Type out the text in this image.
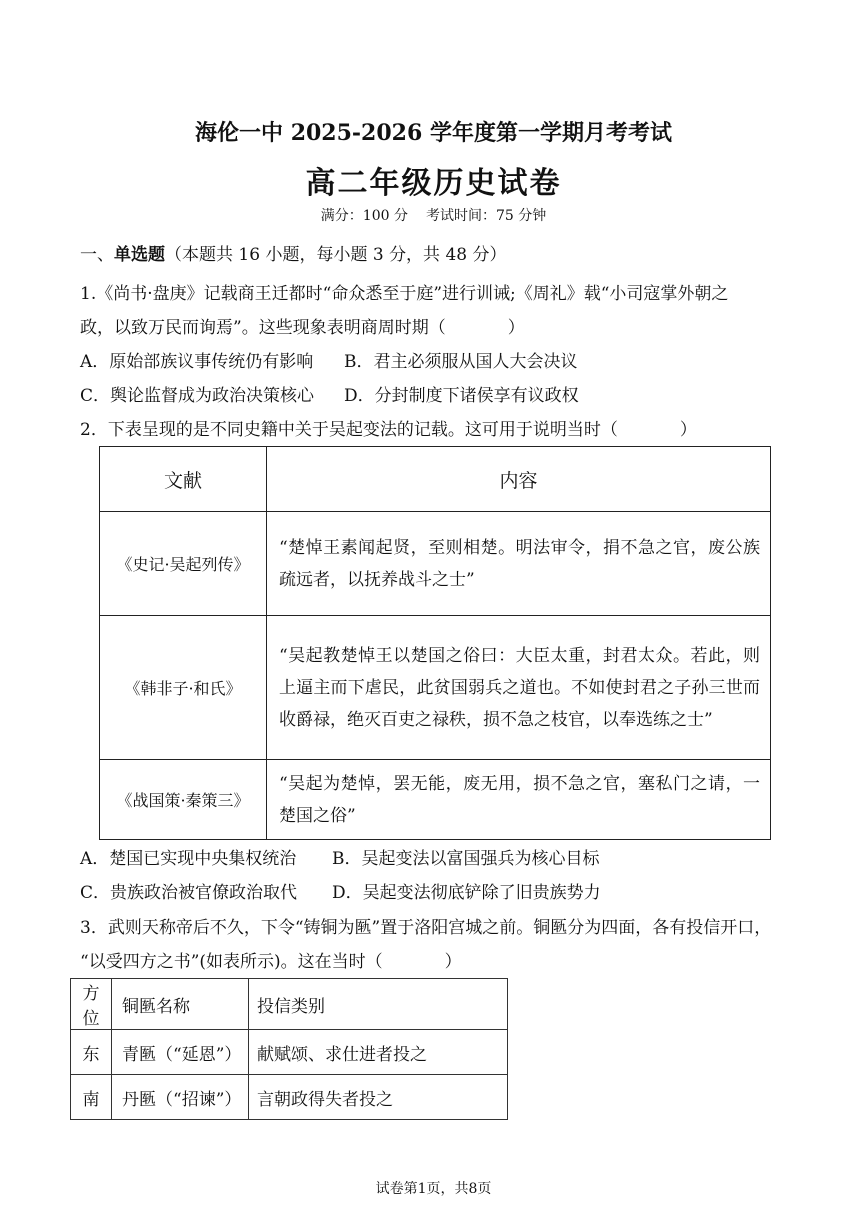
海伦一中 2025-2026 学年度第一学期月考考试
高二年级历史试卷
满分：100 分 考试时间：75 分钟
一、单选题（本题共 16 小题，每小题 3 分，共 48 分）
1.《尚书·盘庚》记载商王迁都时“命众悉至于庭”进行训诫;《周礼》载“小司寇掌外朝之
政，以致万民而询焉”。这些现象表明商周时期（	）
A．原始部族议事传统仍有影响 B．君主必须服从国人大会决议
C．舆论监督成为政治决策核心 D．分封制度下诸侯享有议政权
2．下表呈现的是不同史籍中关于吴起变法的记载。这可用于说明当时（	）
文献	内容
《史记·吴起列传》	“楚悼王素闻起贤，至则相楚。明法审令，捐不急之官，废公族疏远者，以抚养战斗之士”
《韩非子·和氏》	“吴起教楚悼王以楚国之俗曰：大臣太重，封君太众。若此，则上逼主而下虐民，此贫国弱兵之道也。不如使封君之子孙三世而收爵禄，绝灭百吏之禄秩，损不急之枝官，以奉选练之士”
《战国策·秦策三》	“吴起为楚悼，罢无能，废无用，损不急之官，塞私门之请，一楚国之俗”
A．楚国已实现中央集权统治 B．吴起变法以富国强兵为核心目标
C．贵族政治被官僚政治取代 D．吴起变法彻底铲除了旧贵族势力
3．武则天称帝后不久，下令“铸铜为匦”置于洛阳宫城之前。铜匦分为四面，各有投信开口，
“以受四方之书”(如表所示)。这在当时（	）
方位	铜匦名称	投信类别
东	青匦（“延恩”）	献赋颂、求仕进者投之
南	丹匦（“招谏”）	言朝政得失者投之
试卷第1页，共8页
